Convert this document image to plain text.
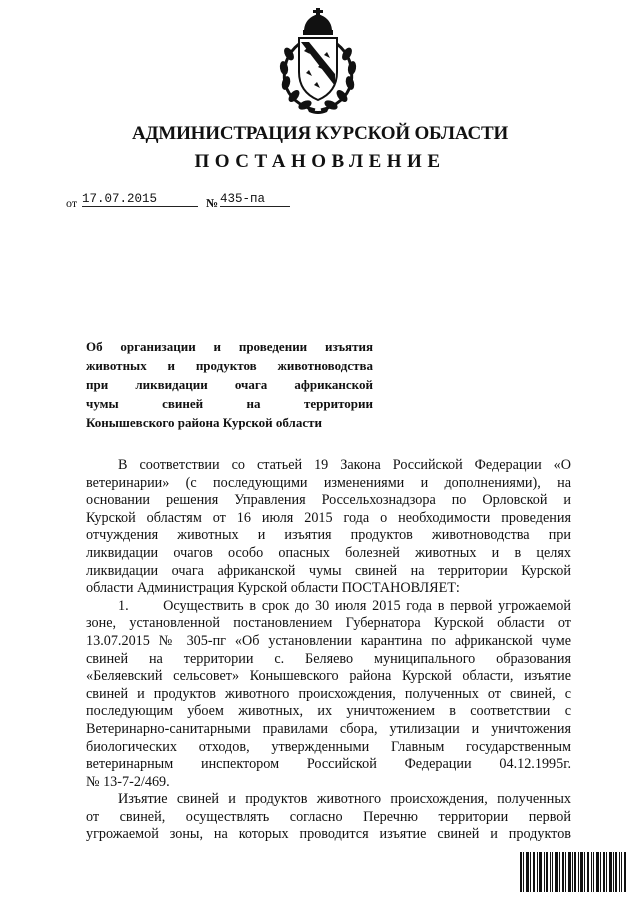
АДМИНИСТРАЦИЯ КУРСКОЙ ОБЛАСТИ
ПОСТАНОВЛЕНИЕ
от 17.07.2015	№ 435-па
Об организации и проведении изъятия
животных и продуктов животноводства
при ликвидации очага африканской
чумы свиней на территории
Конышевского района Курской области
В соответствии со статьей 19 Закона Российской Федерации «О
ветеринарии» (с последующими изменениями и дополнениями), на
основании решения Управления Россельхознадзора по Орловской и
Курской областям от 16 июля 2015 года о необходимости проведения
отчуждения животных и изъятия продуктов животноводства при
ликвидации очагов особо опасных болезней животных и в целях
ликвидации очага африканской чумы свиней на территории Курской
области Администрация Курской области ПОСТАНОВЛЯЕТ:
1.      Осуществить в срок до 30 июля 2015 года в первой угрожаемой
зоне, установленной постановлением Губернатора Курской области от
13.07.2015 № 305-пг «Об установлении карантина по африканской чуме
свиней на территории с. Беляево муниципального образования
«Беляевский сельсовет» Конышевского района Курской области, изъятие
свиней и продуктов животного происхождения, полученных от свиней, с
последующим убоем животных, их уничтожением в соответствии с
Ветеринарно-санитарными правилами сбора, утилизации и уничтожения
биологических отходов, утвержденными Главным государственным
ветеринарным инспектором Российской Федерации 04.12.1995г.
№ 13-7-2/469.
Изъятие свиней и продуктов животного происхождения, полученных
от свиней, осуществлять согласно Перечню территории первой
угрожаемой зоны, на которых проводится изъятие свиней и продуктов
